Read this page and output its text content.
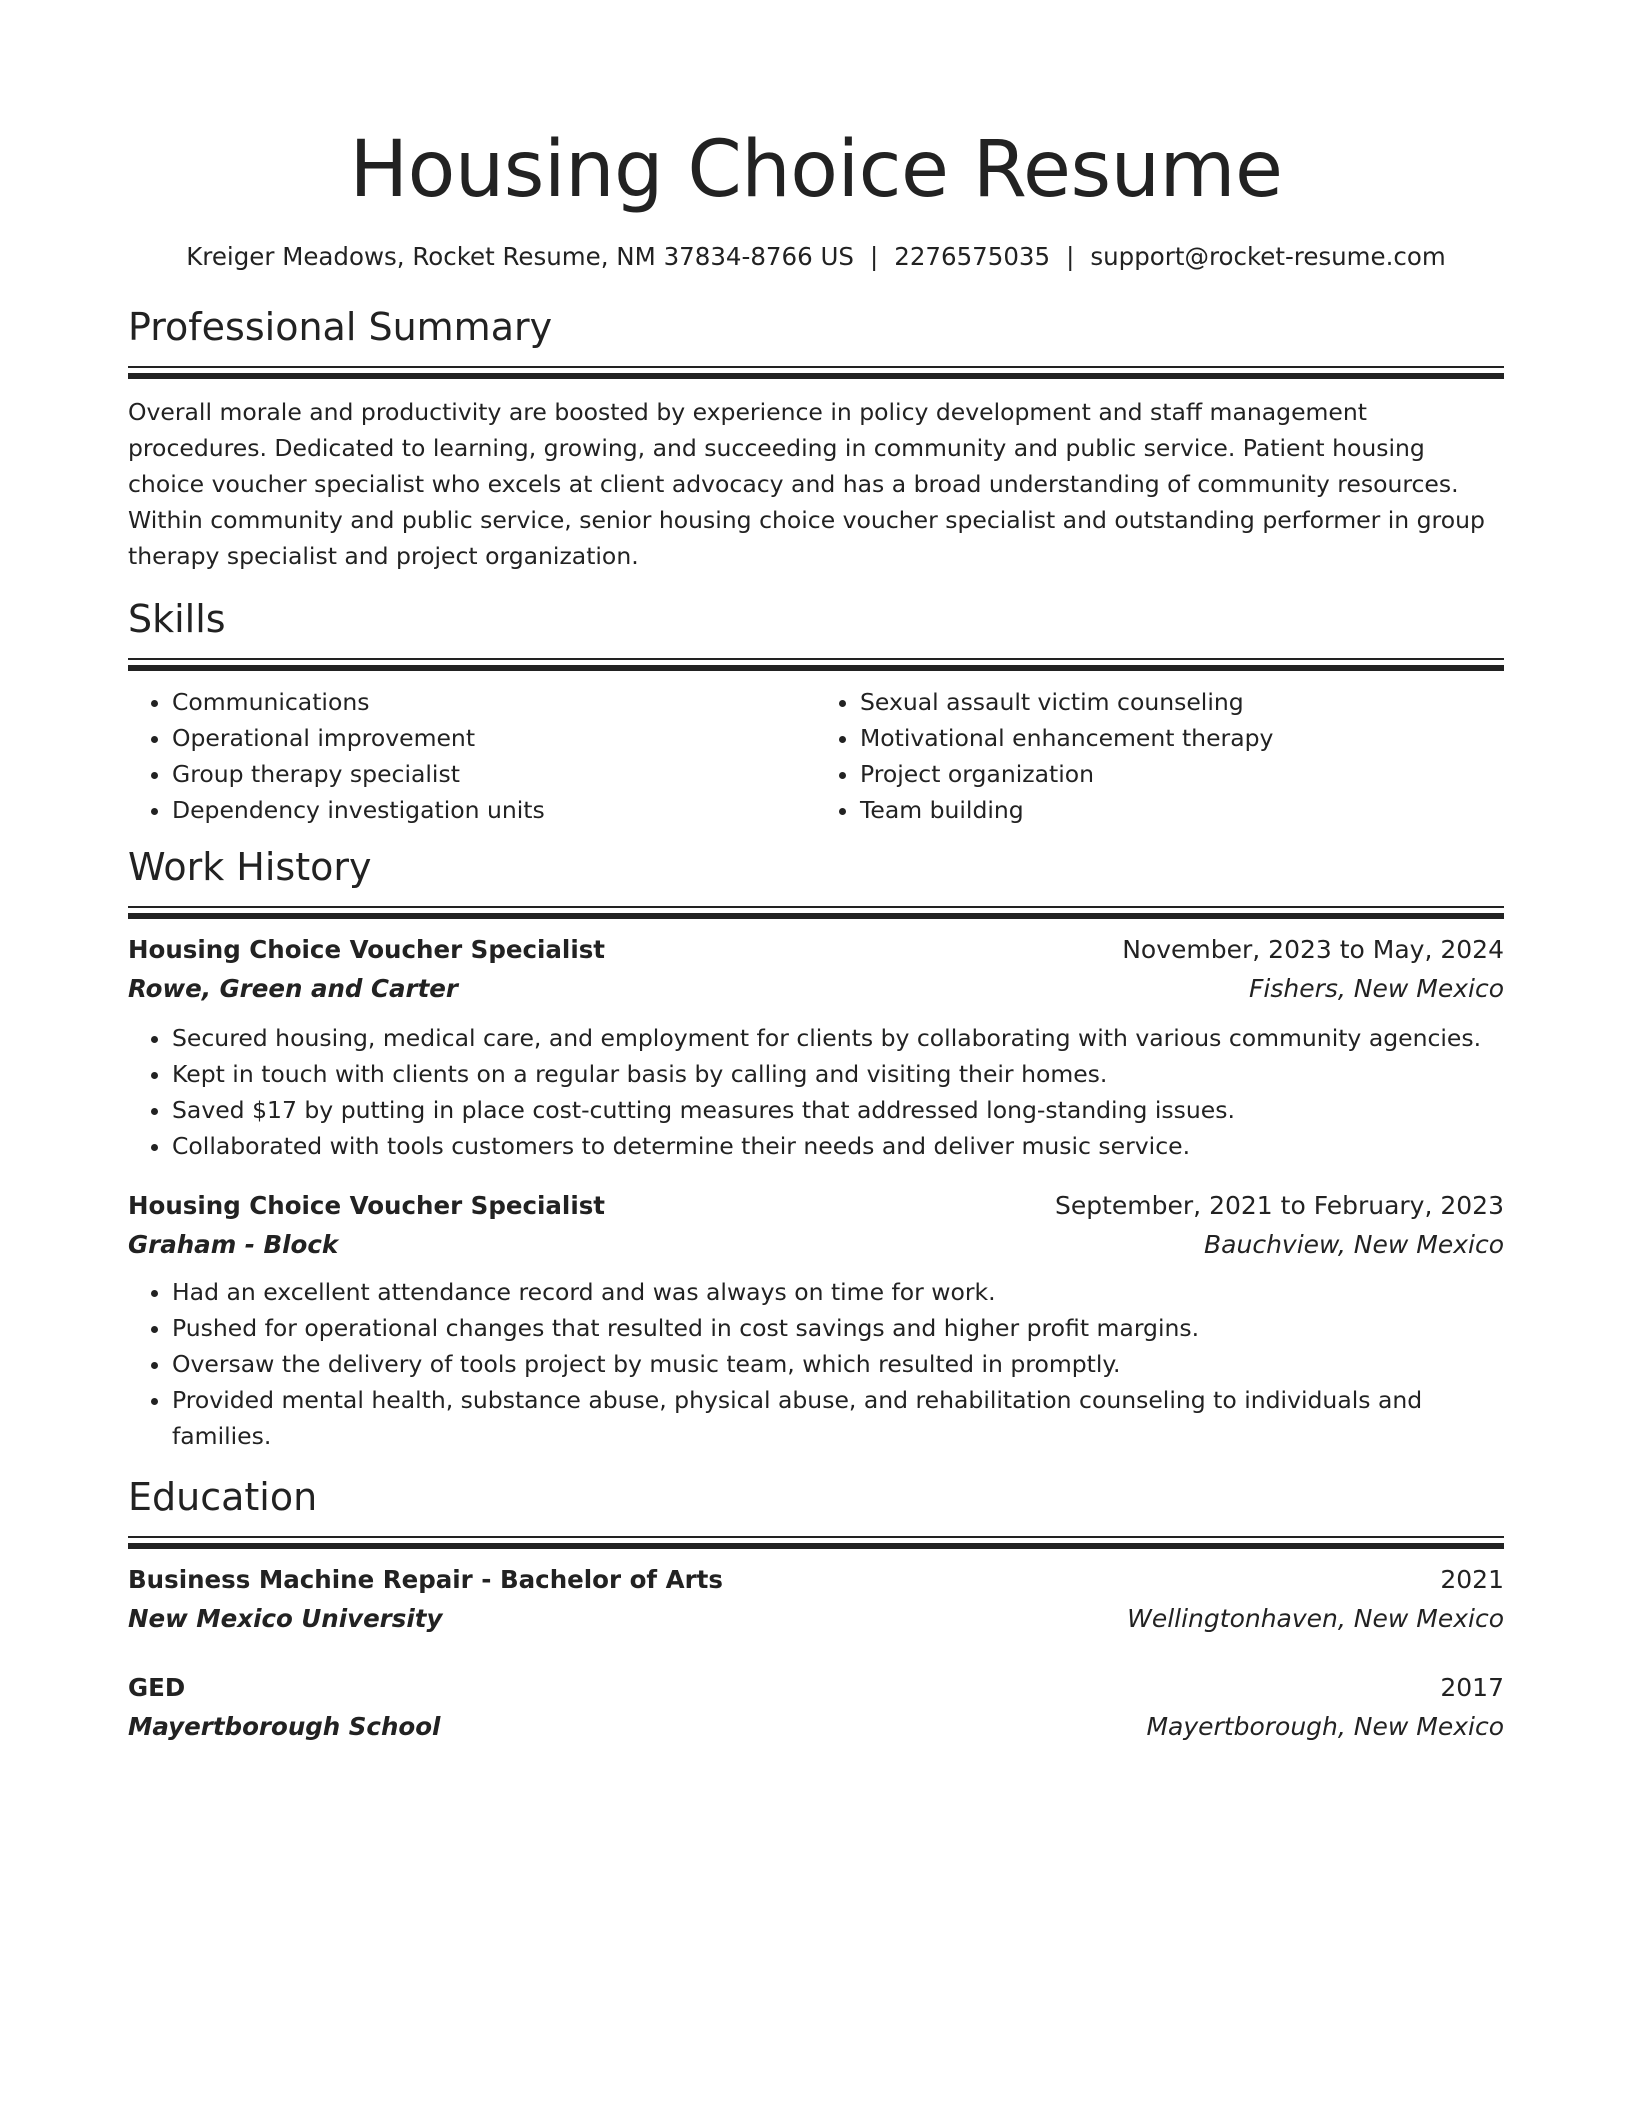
Housing Choice Resume
Kreiger Meadows, Rocket Resume, NM 37834-8766 US | 2276575035 | support@rocket-resume.com
Professional Summary
Overall morale and productivity are boosted by experience in policy development and staff management procedures. Dedicated to learning, growing, and succeeding in community and public service. Patient housing choice voucher specialist who excels at client advocacy and has a broad understanding of community resources. Within community and public service, senior housing choice voucher specialist and outstanding performer in group therapy specialist and project organization.
Skills
• Communications
• Operational improvement
• Group therapy specialist
• Dependency investigation units
• Sexual assault victim counseling
• Motivational enhancement therapy
• Project organization
• Team building
Work History
Housing Choice Voucher Specialist	November, 2023 to May, 2024
Rowe, Green and Carter	Fishers, New Mexico
• Secured housing, medical care, and employment for clients by collaborating with various community agencies.
• Kept in touch with clients on a regular basis by calling and visiting their homes.
• Saved $17 by putting in place cost-cutting measures that addressed long-standing issues.
• Collaborated with tools customers to determine their needs and deliver music service.
Housing Choice Voucher Specialist	September, 2021 to February, 2023
Graham - Block	Bauchview, New Mexico
• Had an excellent attendance record and was always on time for work.
• Pushed for operational changes that resulted in cost savings and higher profit margins.
• Oversaw the delivery of tools project by music team, which resulted in promptly.
• Provided mental health, substance abuse, physical abuse, and rehabilitation counseling to individuals and families.
Education
Business Machine Repair - Bachelor of Arts	2021
New Mexico University	Wellingtonhaven, New Mexico
GED	2017
Mayertborough School	Mayertborough, New Mexico
